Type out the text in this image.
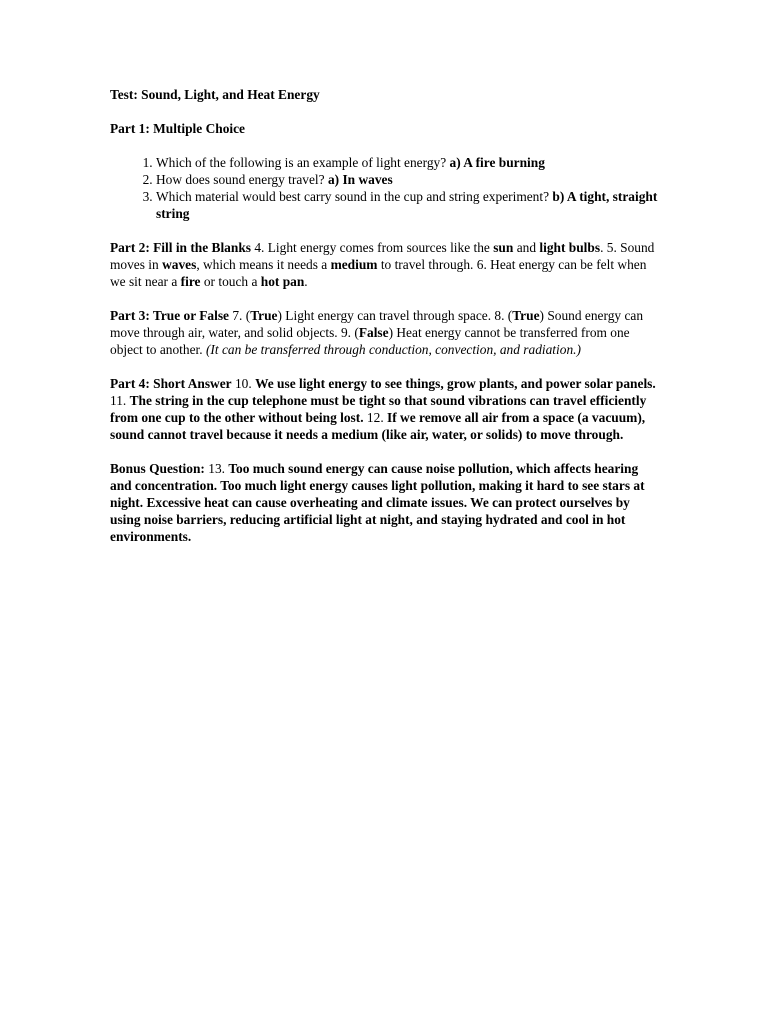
Test: Sound, Light, and Heat Energy
Part 1: Multiple Choice
1. Which of the following is an example of light energy? a) A fire burning
2. How does sound energy travel? a) In waves
3. Which material would best carry sound in the cup and string experiment? b) A tight, straight string

Part 2: Fill in the Blanks 4. Light energy comes from sources like the sun and light bulbs. 5. Sound moves in waves, which means it needs a medium to travel through. 6. Heat energy can be felt when we sit near a fire or touch a hot pan.

Part 3: True or False 7. (True) Light energy can travel through space. 8. (True) Sound energy can move through air, water, and solid objects. 9. (False) Heat energy cannot be transferred from one object to another. (It can be transferred through conduction, convection, and radiation.)

Part 4: Short Answer 10. We use light energy to see things, grow plants, and power solar panels. 11. The string in the cup telephone must be tight so that sound vibrations can travel efficiently from one cup to the other without being lost. 12. If we remove all air from a space (a vacuum), sound cannot travel because it needs a medium (like air, water, or solids) to move through.

Bonus Question: 13. Too much sound energy can cause noise pollution, which affects hearing and concentration. Too much light energy causes light pollution, making it hard to see stars at night. Excessive heat can cause overheating and climate issues. We can protect ourselves by using noise barriers, reducing artificial light at night, and staying hydrated and cool in hot environments.
